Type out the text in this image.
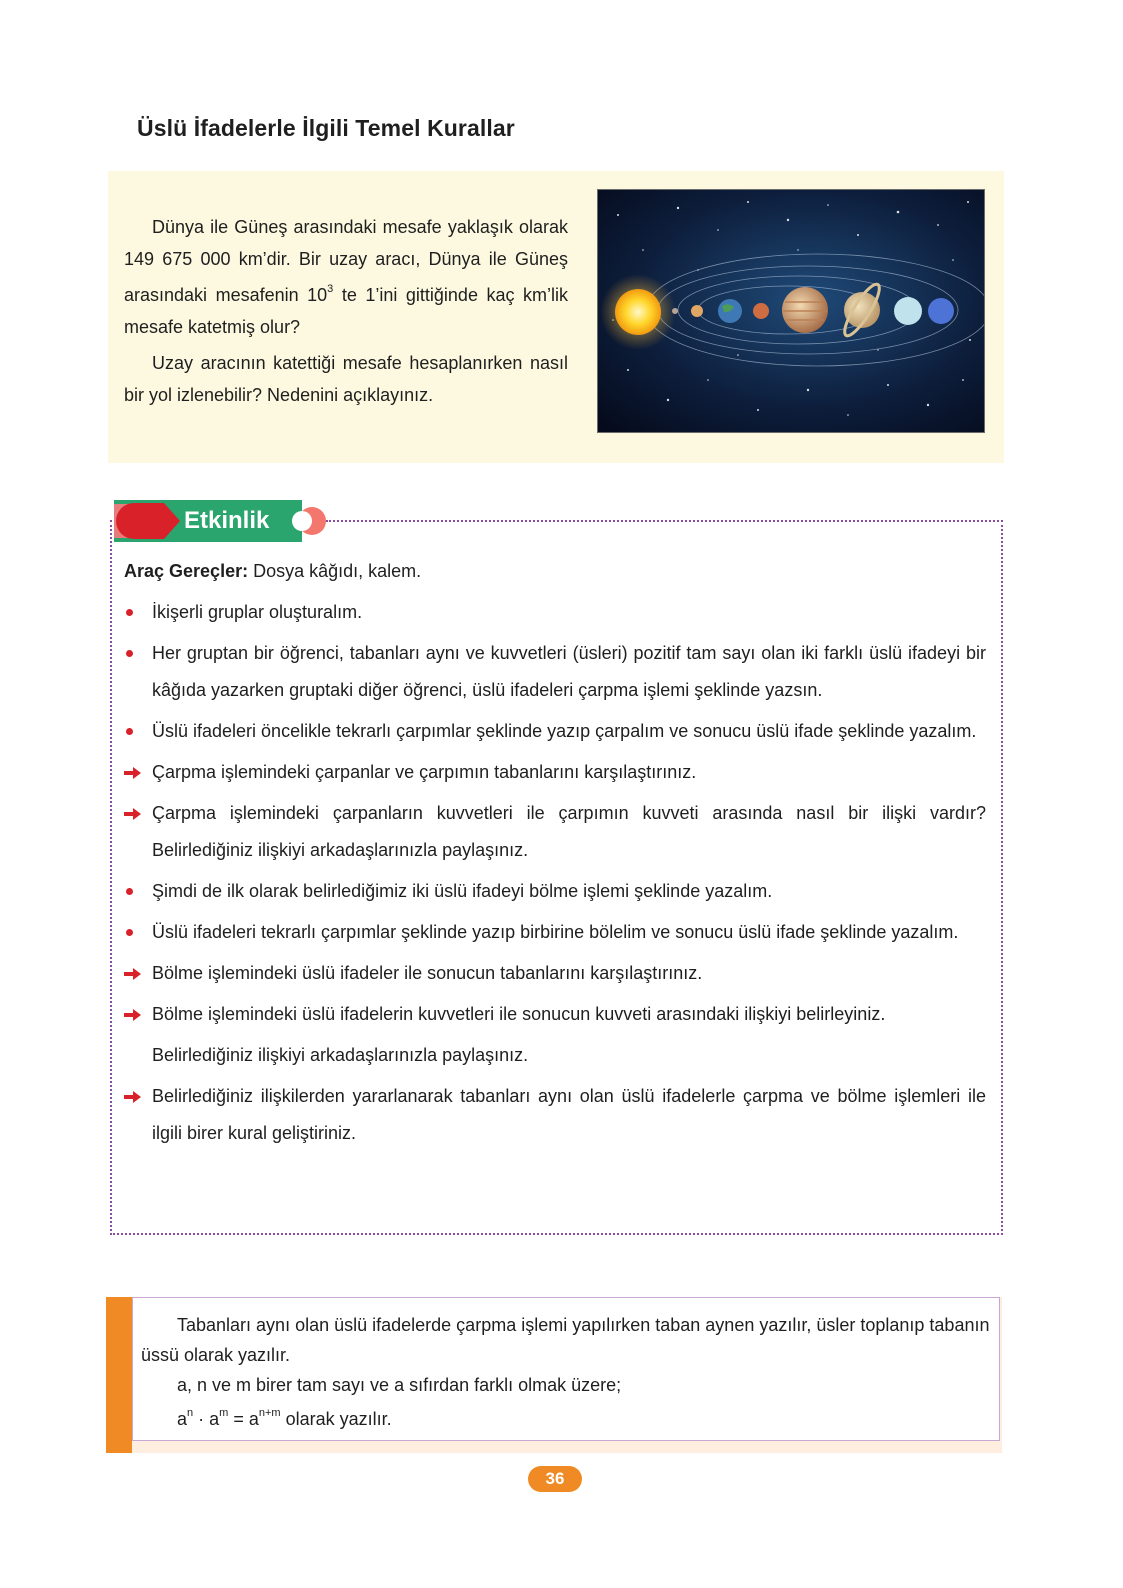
Üslü İfadelerle İlgili Temel Kurallar

Dünya ile Güneş arasındaki mesafe yaklaşık olarak 149 675 000 km’dir. Bir uzay aracı, Dünya ile Güneş arasındaki mesafenin $10^3$ te 1’ini gittiğinde kaç km’lik mesafe katetmiş olur?

Uzay aracının katettiği mesafe hesaplanırken nasıl bir yol izlenebilir? Nedenini açıklayınız.

Etkinlik
Araç Gereçler: Dosya kâğıdı, kalem.
İkişerli gruplar oluşturalım.
Her gruptan bir öğrenci, tabanları aynı ve kuvvetleri (üsleri) pozitif tam sayı olan iki farklı üslü ifadeyi bir kâğıda yazarken gruptaki diğer öğrenci, üslü ifadeleri çarpma işlemi şeklinde yazsın.
Üslü ifadeleri öncelikle tekrarlı çarpımlar şeklinde yazıp çarpalım ve sonucu üslü ifade şeklinde yazalım.
Çarpma işlemindeki çarpanlar ve çarpımın tabanlarını karşılaştırınız.
Çarpma işlemindeki çarpanların kuvvetleri ile çarpımın kuvveti arasında nasıl bir ilişki vardır? Belirlediğiniz ilişkiyi arkadaşlarınızla paylaşınız.
Şimdi de ilk olarak belirlediğimiz iki üslü ifadeyi bölme işlemi şeklinde yazalım.
Üslü ifadeleri tekrarlı çarpımlar şeklinde yazıp birbirine bölelim ve sonucu üslü ifade şeklinde yazalım.
Bölme işlemindeki üslü ifadeler ile sonucun tabanlarını karşılaştırınız.
Bölme işlemindeki üslü ifadelerin kuvvetleri ile sonucun kuvveti arasındaki ilişkiyi belirleyiniz.
Belirlediğiniz ilişkiyi arkadaşlarınızla paylaşınız.
Belirlediğiniz ilişkilerden yararlanarak tabanları aynı olan üslü ifadelerle çarpma ve bölme işlemleri ile ilgili birer kural geliştiriniz.

Tabanları aynı olan üslü ifadelerde çarpma işlemi yapılırken taban aynen yazılır, üsler toplanıp tabanın üssü olarak yazılır.

a, n ve m birer tam sayı ve a sıfırdan farklı olmak üzere;

$a^n \cdot a^m = a^{n+m}$ olarak yazılır.

36
